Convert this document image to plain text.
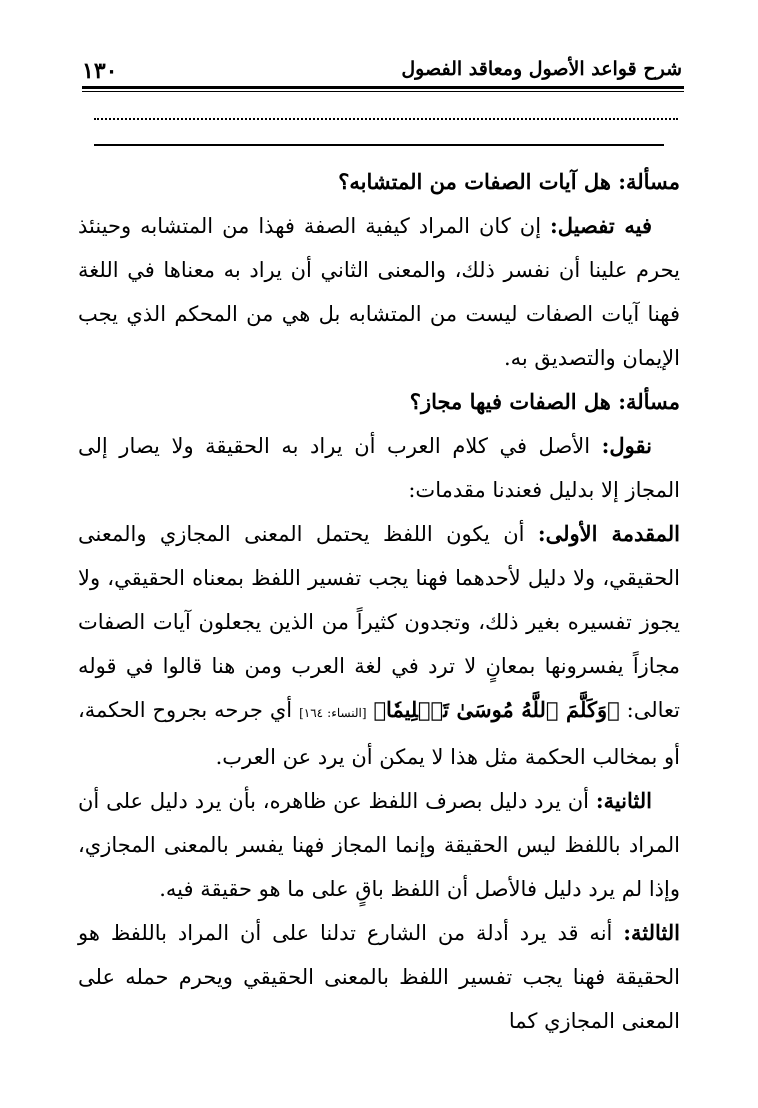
شرح قواعد الأصول ومعاقد الفصول
١٣٠

مسألة: هل آيات الصفات من المتشابه؟

فيه تفصيل: إن كان المراد كيفية الصفة فهذا من المتشابه وحينئذ يحرم علينا أن نفسر ذلك، والمعنى الثاني أن يراد به معناها في اللغة فهنا آيات الصفات ليست من المتشابه بل هي من المحكم الذي يجب الإيمان والتصديق به.

مسألة: هل الصفات فيها مجاز؟

نقول: الأصل في كلام العرب أن يراد به الحقيقة ولا يصار إلى المجاز إلا بدليل فعندنا مقدمات:

المقدمة الأولى: أن يكون اللفظ يحتمل المعنى المجازي والمعنى الحقيقي، ولا دليل لأحدهما فهنا يجب تفسير اللفظ بمعناه الحقيقي، ولا يجوز تفسيره بغير ذلك، وتجدون كثيراً من الذين يجعلون آيات الصفات مجازاً يفسرونها بمعانٍ لا ترد في لغة العرب ومن هنا قالوا في قوله تعالى: ﴿وَكَلَّمَ ٱللَّهُ مُوسَىٰ تَكۡلِيمٗا﴾ [النساء: ١٦٤] أي جرحه بجروح الحكمة، أو بمخالب الحكمة مثل هذا لا يمكن أن يرد عن العرب.

الثانية: أن يرد دليل بصرف اللفظ عن ظاهره، بأن يرد دليل على أن المراد باللفظ ليس الحقيقة وإنما المجاز فهنا يفسر بالمعنى المجازي، وإذا لم يرد دليل فالأصل أن اللفظ باقٍ على ما هو حقيقة فيه.

الثالثة: أنه قد يرد أدلة من الشارع تدلنا على أن المراد باللفظ هو الحقيقة فهنا يجب تفسير اللفظ بالمعنى الحقيقي ويحرم حمله على المعنى المجازي كما
